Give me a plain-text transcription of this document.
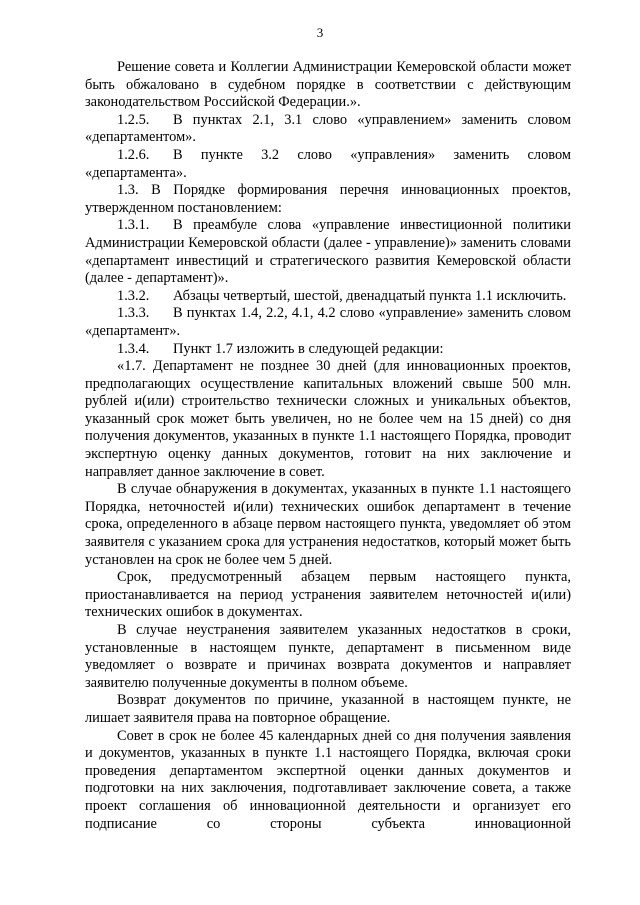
3

Решение совета и Коллегии Администрации Кемеровской области может быть обжаловано в судебном порядке в соответствии с действующим законодательством Российской Федерации.».

1.2.5. В пунктах 2.1, 3.1 слово «управлением» заменить словом «департаментом».

1.2.6. В пункте 3.2 слово «управления» заменить словом «департамента».

1.3. В Порядке формирования перечня инновационных проектов, утвержденном постановлением:

1.3.1. В преамбуле слова «управление инвестиционной политики Администрации Кемеровской области (далее - управление)» заменить словами «департамент инвестиций и стратегического развития Кемеровской области (далее - департамент)».

1.3.2. Абзацы четвертый, шестой, двенадцатый пункта 1.1 исключить.

1.3.3. В пунктах 1.4, 2.2, 4.1, 4.2 слово «управление» заменить словом «департамент».

1.3.4. Пункт 1.7 изложить в следующей редакции:

«1.7. Департамент не позднее 30 дней (для инновационных проектов, предполагающих осуществление капитальных вложений свыше 500 млн. рублей и(или) строительство технически сложных и уникальных объектов, указанный срок может быть увеличен, но не более чем на 15 дней) со дня получения документов, указанных в пункте 1.1 настоящего Порядка, проводит экспертную оценку данных документов, готовит на них заключение и направляет данное заключение в совет.

В случае обнаружения в документах, указанных в пункте 1.1 настоящего Порядка, неточностей и(или) технических ошибок департамент в течение срока, определенного в абзаце первом настоящего пункта, уведомляет об этом заявителя с указанием срока для устранения недостатков, который может быть установлен на срок не более чем 5 дней.

Срок, предусмотренный абзацем первым настоящего пункта, приостанавливается на период устранения заявителем неточностей и(или) технических ошибок в документах.

В случае неустранения заявителем указанных недостатков в сроки, установленные в настоящем пункте, департамент в письменном виде уведомляет о возврате и причинах возврата документов и направляет заявителю полученные документы в полном объеме.

Возврат документов по причине, указанной в настоящем пункте, не лишает заявителя права на повторное обращение.

Совет в срок не более 45 календарных дней со дня получения заявления и документов, указанных в пункте 1.1 настоящего Порядка, включая сроки проведения департаментом экспертной оценки данных документов и подготовки на них заключения, подготавливает заключение совета, а также проект соглашения об инновационной деятельности и организует его подписание со стороны субъекта инновационной
